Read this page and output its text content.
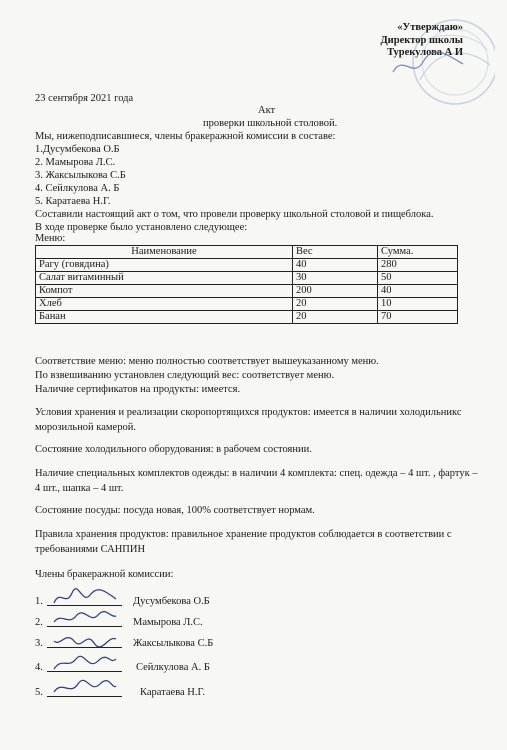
«Утверждаю»
Директор школы
Турекулова А И
23 сентября 2021 года
Акт
проверки школьной столовой.
Мы, нижеподписавшиеся, члены бракеражной комиссии в составе:
1.Дусумбекова О.Б
2. Мамырова Л.С.
3. Жаксылыкова С.Б
4. Сейлкулова А. Б
5. Каратаева Н.Г.
Составили настоящий акт о том, что провели проверку школьной столовой и пищеблока.
В ходе проверке было установлено следующее:
Меню:
Наименование	Вес	Сумма.
Рагу (говядина)	40	280
Салат витаминный	30	50
Компот	200	40
Хлеб	20	10
Банан	20	70
Соответствие меню: меню полностью соответствует вышеуказанному меню.
По взвешиванию установлен следующий вес: соответствует меню.
Наличие сертификатов на продукты: имеется.
Условия хранения и реализации скоропортящихся продуктов: имеется в наличии холодильникс
морозильной камерой.
Состояние холодильного оборудования: в рабочем состоянии.
Наличие специальных комплектов одежды: в наличии 4 комплекта: спец. одежда – 4 шт. , фартук –
4 шт., шапка – 4 шт.
Состояние посуды: посуда новая, 100% соответствует нормам.
Правила хранения продуктов: правильное хранение продуктов соблюдается в соответствии с
требованиями САНПИН
Члены бракеражной комиссии:
1.	Дусумбекова О.Б
2.	Мамырова Л.С.
3.	Жаксылыкова С.Б
4.	Сейлкулова А. Б
5.	Каратаева Н.Г.
